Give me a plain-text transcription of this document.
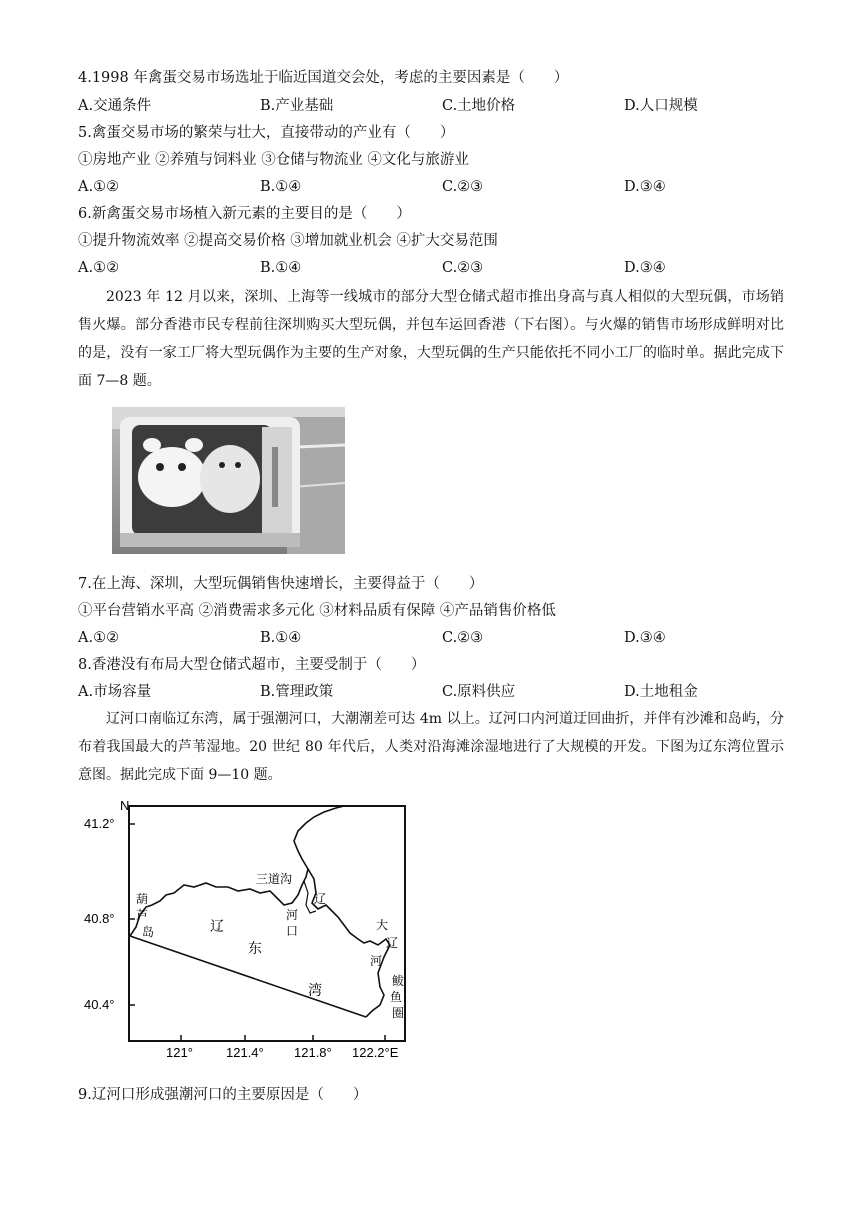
4.1998 年禽蛋交易市场选址于临近国道交会处，考虑的主要因素是（　　）
A.交通条件	B.产业基础	C.土地价格	D.人口规模
5.禽蛋交易市场的繁荣与壮大，直接带动的产业有（　　）
①房地产业 ②养殖与饲料业 ③仓储与物流业 ④文化与旅游业
A.①②	B.①④	C.②③	D.③④
6.新禽蛋交易市场植入新元素的主要目的是（　　）
①提升物流效率 ②提高交易价格 ③增加就业机会 ④扩大交易范围
A.①②	B.①④	C.②③	D.③④
2023 年 12 月以来，深圳、上海等一线城市的部分大型仓储式超市推出身高与真人相似的大型玩偶，市场销售火爆。部分香港市民专程前往深圳购买大型玩偶，并包车运回香港（下右图）。与火爆的销售市场形成鲜明对比的是，没有一家工厂将大型玩偶作为主要的生产对象，大型玩偶的生产只能依托不同小工厂的临时单。据此完成下面 7—8 题。
7.在上海、深圳，大型玩偶销售快速增长，主要得益于（　　）
①平台营销水平高 ②消费需求多元化 ③材料品质有保障 ④产品销售价格低
A.①②	B.①④	C.②③	D.③④
8.香港没有布局大型仓储式超市，主要受制于（　　）
A.市场容量	B.管理政策	C.原料供应	D.土地租金
辽河口南临辽东湾，属于强潮河口，大潮潮差可达 4m 以上。辽河口内河道迂回曲折，并伴有沙滩和岛屿，分布着我国最大的芦苇湿地。20 世纪 80 年代后，人类对沿海滩涂湿地进行了大规模的开发。下图为辽东湾位置示意图。据此完成下面 9—10 题。
N
41.2°
40.8°
40.4°
121°	121.4° 121.8° 122.2°E
葫 芦 岛
三道沟
辽 河
口	大 辽 河
鲅 鱼 圈
辽
东
湾
9.辽河口形成强潮河口的主要原因是（　　）
